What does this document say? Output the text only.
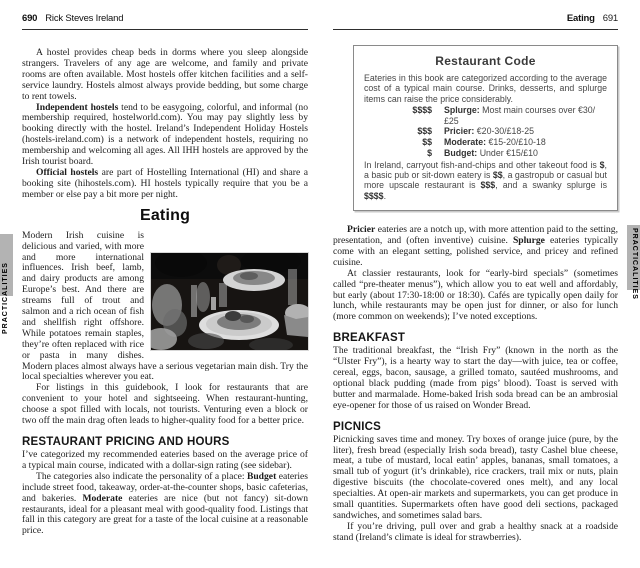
PRACTICALITIES
690 Rick Steves Ireland

A hostel provides cheap beds in dorms where you sleep alongside strangers. Travelers of any age are welcome, and family and private rooms are often available. Most hostels offer kitchen facilities and a self-service laundry. Hostels almost always provide bedding, but some charge to rent towels.

Independent hostels tend to be easygoing, colorful, and informal (no membership required, hostelworld.com). You may pay slightly less by booking directly with the hostel. Ireland’s Independent Holiday Hostels (hostels-ireland.com) is a network of independent hostels, requiring no membership and welcoming all ages. All IHH hostels are approved by the Irish tourist board.

Official hostels are part of Hostelling International (HI) and share a booking site (hihostels.com). HI hostels typically require that you be a member or else pay a bit more per night.

Eating

Modern Irish cuisine is delicious and varied, with more and more international influences. Irish beef, lamb, and dairy products are among Europe’s best. And there are streams full of trout and salmon and a rich ocean of fish and shellfish right offshore. While potatoes remain staples, they’re often replaced with rice or pasta in many dishes. Modern places almost always have a serious vegetarian main dish. Try the local specialties wherever you eat.

For listings in this guidebook, I look for restaurants that are convenient to your hotel and sightseeing. When restaurant-hunting, choose a spot filled with locals, not tourists. Venturing even a block or two off the main drag often leads to higher-quality food for a better price.

RESTAURANT PRICING AND HOURS

I’ve categorized my recommended eateries based on the average price of a typical main course, indicated with a dollar-sign rating (see sidebar).

The categories also indicate the personality of a place: Budget eateries include street food, takeaway, order-at-the-counter shops, basic cafeterias, and bakeries. Moderate eateries are nice (but not fancy) sit-down restaurants, ideal for a pleasant meal with good-quality food. Listings that fall in this category are great for a taste of the local cuisine at a reasonable price.

PRACTICALITIES
Eating 691
Restaurant Code

Eateries in this book are categorized according to the average cost of a typical main course. Drinks, desserts, and splurge items can raise the price considerably.

$$$$ Splurge: Most main courses over €30/£25
$$$ Pricier: €20-30/£18-25
$$ Moderate: €15-20/£10-18
$ Budget: Under €15/£10

In Ireland, carryout fish-and-chips and other takeout food is $, a basic pub or sit-down eatery is $$, a gastropub or casual but more upscale restaurant is $$$, and a swanky splurge is $$$$.

Pricier eateries are a notch up, with more attention paid to the setting, presentation, and (often inventive) cuisine. Splurge eateries typically come with an elegant setting, polished service, and pricey and refined cuisine.

At classier restaurants, look for “early-bird specials” (sometimes called “pre-theater menus”), which allow you to eat well and affordably, but early (about 17:30-18:00 or 18:30). Cafés are typically open daily for lunch, while restaurants may be open just for dinner, or also for lunch (more common on weekends); I’ve noted exceptions.

BREAKFAST

The traditional breakfast, the “Irish Fry” (known in the north as the “Ulster Fry”), is a hearty way to start the day—with juice, tea or coffee, cereal, eggs, bacon, sausage, a grilled tomato, sautéed mushrooms, and optional black pudding (made from pigs’ blood). Toast is served with butter and marmalade. Home-baked Irish soda bread can be an ambrosial eye-opener for those of us raised on Wonder Bread.

PICNICS

Picnicking saves time and money. Try boxes of orange juice (pure, by the liter), fresh bread (especially Irish soda bread), tasty Cashel blue cheese, meat, a tube of mustard, local eatin’ apples, bananas, small tomatoes, a small tub of yogurt (it’s drinkable), rice crackers, trail mix or nuts, plain digestive biscuits (the chocolate-covered ones melt), and any local specialties. At open-air markets and supermarkets, you can get produce in small quantities. Supermarkets often have good deli sections, packaged sandwiches, and sometimes salad bars.

If you’re driving, pull over and grab a healthy snack at a roadside stand (Ireland’s climate is ideal for strawberries).
